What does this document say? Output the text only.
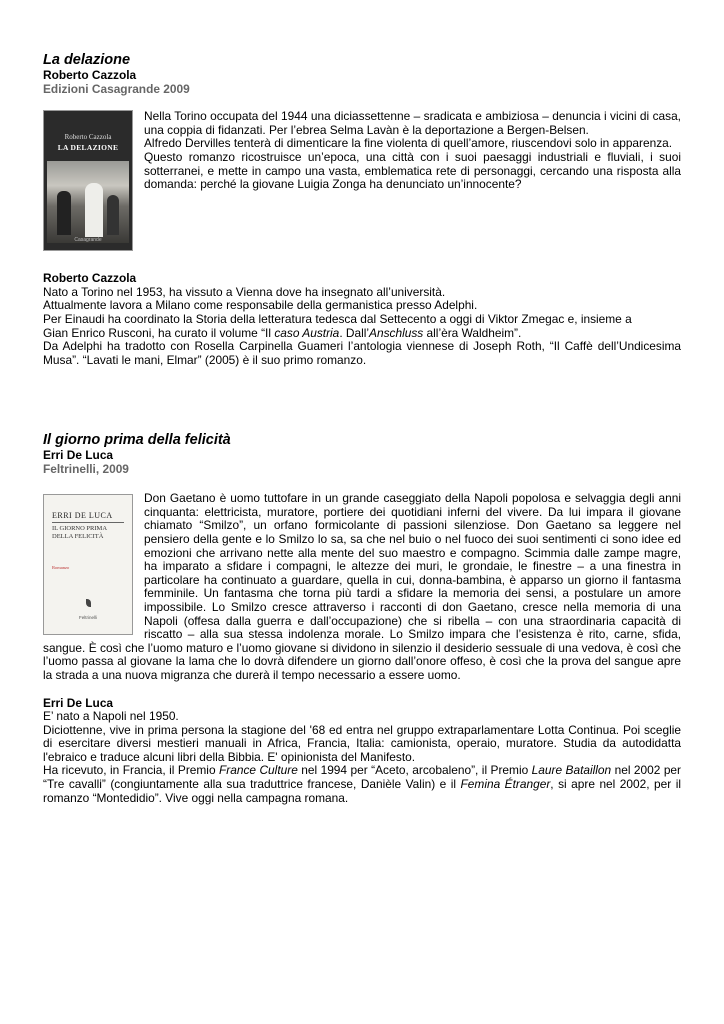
La delazione
Roberto Cazzola
Edizioni Casagrande 2009
Roberto Cazzola
LA DELAZIONE
Casagrande

Nella Torino occupata del 1944 una diciassettenne – sradicata e ambiziosa – denuncia i vicini di casa, una coppia di fidanzati. Per l’ebrea Selma Lavàn è la deportazione a Bergen-Belsen.

Alfredo Dervilles tenterà di dimenticare la fine violenta di quell’amore, riuscendovi solo in apparenza.

Questo romanzo ricostruisce un’epoca, una città con i suoi paesaggi industriali e fluviali, i suoi sotterranei, e mette in campo una vasta, emblematica rete di personaggi, cercando una risposta alla domanda: perché la giovane Luigia Zonga ha denunciato un’innocente?

Roberto Cazzola

Nato a Torino nel 1953, ha vissuto a Vienna dove ha insegnato all’università.

Attualmente lavora a Milano come responsabile della germanistica presso Adelphi.

Per Einaudi ha coordinato la Storia della letteratura tedesca dal Settecento a oggi di Viktor Zmegac e, insieme a

Gian Enrico Rusconi, ha curato il volume “Il caso Austria. Dall’Anschluss all’èra Waldheim”.

Da Adelphi ha tradotto con Rosella Carpinella Guameri l’antologia viennese di Joseph Roth, “Il Caffè dell’Undicesima Musa”. “Lavati le mani, Elmar” (2005) è il suo primo romanzo.

Il giorno prima della felicità
Erri De Luca
Feltrinelli, 2009
ERRI DE LUCA
IL GIORNO PRIMA
DELLA FELICITÀ
Romanzo
Feltrinelli

Don Gaetano è uomo tuttofare in un grande caseggiato della Napoli popolosa e selvaggia degli anni cinquanta: elettricista, muratore, portiere dei quotidiani inferni del vivere. Da lui impara il giovane chiamato “Smilzo”, un orfano formicolante di passioni silenziose. Don Gaetano sa leggere nel pensiero della gente e lo Smilzo lo sa, sa che nel buio o nel fuoco dei suoi sentimenti ci sono idee ed emozioni che arrivano nette alla mente del suo maestro e compagno. Scimmia dalle zampe magre, ha imparato a sfidare i compagni, le altezze dei muri, le grondaie, le finestre – a una finestra in particolare ha continuato a guardare, quella in cui, donna-bambina, è apparso un giorno il fantasma femminile. Un fantasma che torna più tardi a sfidare la memoria dei sensi, a postulare un amore impossibile. Lo Smilzo cresce attraverso i racconti di don Gaetano, cresce nella memoria di una Napoli (offesa dalla guerra e dall’occupazione) che si ribella – con una straordinaria capacità di riscatto – alla sua stessa indolenza morale. Lo Smilzo impara che l’esistenza è rito, carne, sfida, sangue. È così che l’uomo maturo e l’uomo giovane si dividono in silenzio il desiderio sessuale di una vedova, è così che l’uomo passa al giovane la lama che lo dovrà difendere un giorno dall’onore offeso, è così che la prova del sangue apre la strada a una nuova migranza che durerà il tempo necessario a essere uomo.

Erri De Luca

E’ nato a Napoli nel 1950.

Diciottenne, vive in prima persona la stagione del '68 ed entra nel gruppo extraparlamentare Lotta Continua. Poi sceglie di esercitare diversi mestieri manuali in Africa, Francia, Italia: camionista, operaio, muratore. Studia da autodidatta l'ebraico e traduce alcuni libri della Bibbia. E' opinionista del Manifesto.

Ha ricevuto, in Francia, il Premio France Culture nel 1994 per “Aceto, arcobaleno”, il Premio Laure Bataillon nel 2002 per “Tre cavalli” (congiuntamente alla sua traduttrice francese, Danièle Valin) e il Femina Étranger, si apre nel 2002, per il romanzo “Montedidio”. Vive oggi nella campagna romana.
